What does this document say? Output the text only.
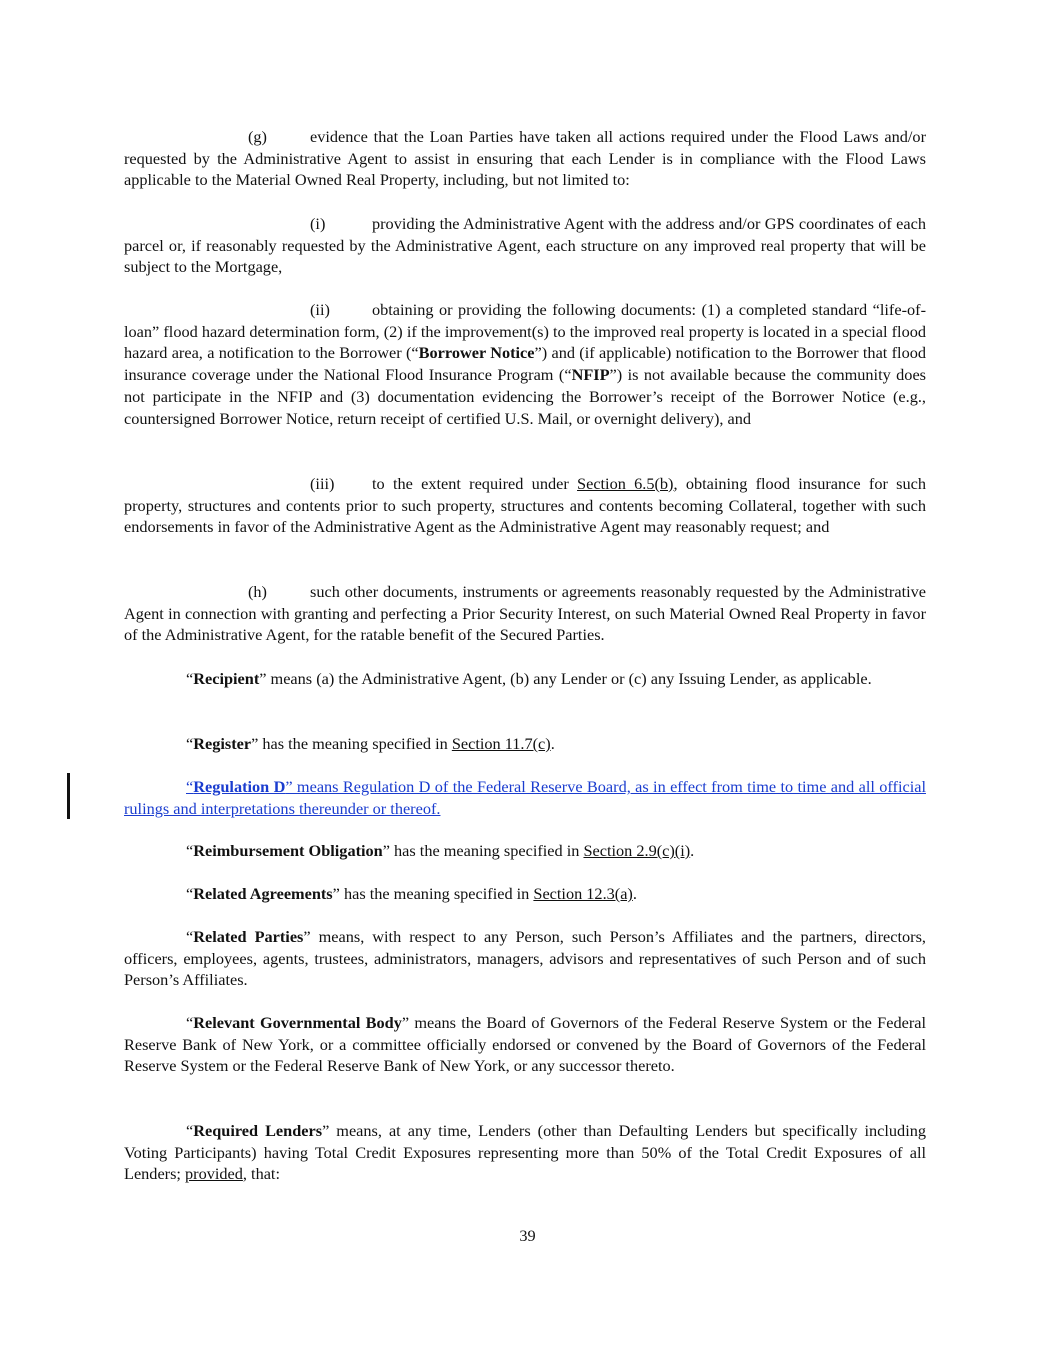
(g)	evidence that the Loan Parties have taken all actions required under the Flood Laws and/or requested by the Administrative Agent to assist in ensuring that each Lender is in compliance with the Flood Laws applicable to the Material Owned Real Property, including, but not limited to:

(i)	providing the Administrative Agent with the address and/or GPS coordinates of each parcel or, if reasonably requested by the Administrative Agent, each structure on any improved real property that will be subject to the Mortgage,

(ii)	obtaining or providing the following documents: (1) a completed standard “life-of-loan” flood hazard determination form, (2) if the improvement(s) to the improved real property is located in a special flood hazard area, a notification to the Borrower (“Borrower Notice”) and (if applicable) notification to the Borrower that flood insurance coverage under the National Flood Insurance Program (“NFIP”) is not available because the community does not participate in the NFIP and (3) documentation evidencing the Borrower’s receipt of the Borrower Notice (e.g., countersigned Borrower Notice, return receipt of certified U.S. Mail, or overnight delivery), and

(iii) to the extent required under Section 6.5(b), obtaining flood insurance for such property, structures and contents prior to such property, structures and contents becoming Collateral, together with such endorsements in favor of the Administrative Agent as the Administrative Agent may reasonably request; and

(h)	such other documents, instruments or agreements reasonably requested by the Administrative Agent in connection with granting and perfecting a Prior Security Interest, on such Material Owned Real Property in favor of the Administrative Agent, for the ratable benefit of the Secured Parties.

“Recipient” means (a) the Administrative Agent, (b) any Lender or (c) any Issuing Lender, as applicable.

“Register” has the meaning specified in Section 11.7(c).

“Regulation D” means Regulation D of the Federal Reserve Board, as in effect from time to time and all official rulings and interpretations thereunder or thereof.

“Reimbursement Obligation” has the meaning specified in Section 2.9(c)(i).

“Related Agreements” has the meaning specified in Section 12.3(a).

“Related Parties” means, with respect to any Person, such Person’s Affiliates and the partners, directors, officers, employees, agents, trustees, administrators, managers, advisors and representatives of such Person and of such Person’s Affiliates.

“Relevant Governmental Body” means the Board of Governors of the Federal Reserve System or the Federal Reserve Bank of New York, or a committee officially endorsed or convened by the Board of Governors of the Federal Reserve System or the Federal Reserve Bank of New York, or any successor thereto.

“Required Lenders” means, at any time, Lenders (other than Defaulting Lenders but specifically including Voting Participants) having Total Credit Exposures representing more than 50% of the Total Credit Exposures of all Lenders; provided, that:

39
